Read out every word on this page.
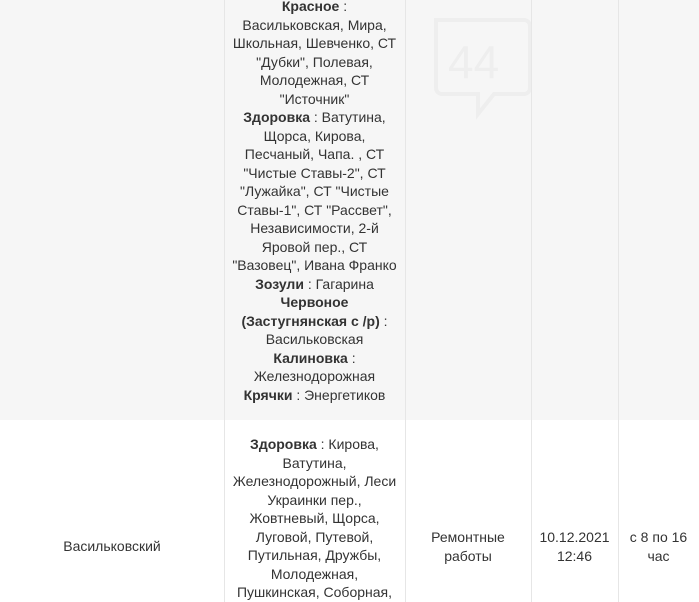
Красное :
Васильковская, Мира,
Школьная, Шевченко, СТ
"Дубки", Полевая,
Молодежная, СТ
"Источник"
Здоровка : Ватутина,
Щорса, Кирова,
Песчаный, Чапа. , СТ
"Чистые Ставы-2", СТ
"Лужайка", СТ "Чистые
Ставы-1", СТ "Рассвет",
Независимости, 2-й
Яровой пер., СТ
"Вазовец", Ивана Франко
Зозули : Гагарина
Червоное
(Застугнянская с /р) :
Васильковская
Калиновка :
Железнодорожная
Крячки : Энергетиков
44
Васильковский
Здоровка : Кирова,
Ватутина,
Железнодорожный, Леси
Украинки пер.,
Жовтневый, Щорса,
Луговой, Путевой,
Путильная, Дружбы,
Молодежная,
Пушкинская, Соборная,
Ремонтные
работы
10.12.2021
12:46
с 8 по 16
час
